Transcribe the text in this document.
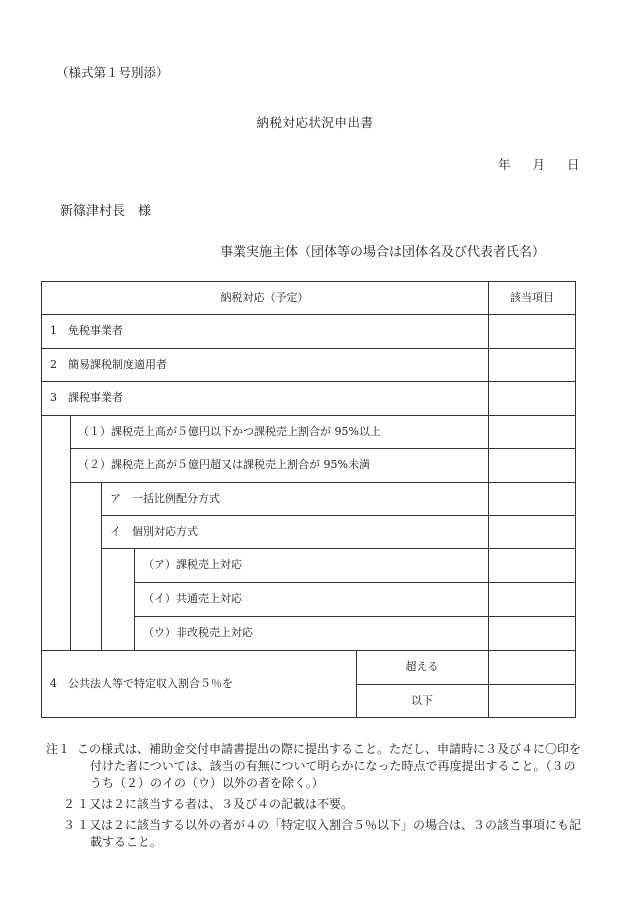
（様式第１号別添）
納税対応状況申出書
年 月 日
新篠津村長　様
事業実施主体（団体等の場合は団体名及び代表者氏名）
納税対応（予定）	該当項目
1　免税事業者
2　簡易課税制度適用者
3　課税事業者
（１）課税売上高が５億円以下かつ課税売上割合が 95%以上
（２）課税売上高が５億円超又は課税売上割合が 95%未満
ア　一括比例配分方式
イ　個別対応方式
（ア）課税売上対応
（イ）共通売上対応
（ウ）非改税売上対応
4　公共法人等で特定収入割合５％を
超える
以下
注１ この様式は、補助金交付申請書提出の際に提出すること。ただし、申請時に３及び４に〇印を付けた者については、該当の有無について明らかになった時点で再度提出すること。（３のうち（２）のイの（ウ）以外の者を除く。）
２ １又は２に該当する者は、３及び４の記載は不要。
３ １又は２に該当する以外の者が４の「特定収入割合５％以下」の場合は、３の該当事項にも記載すること。
